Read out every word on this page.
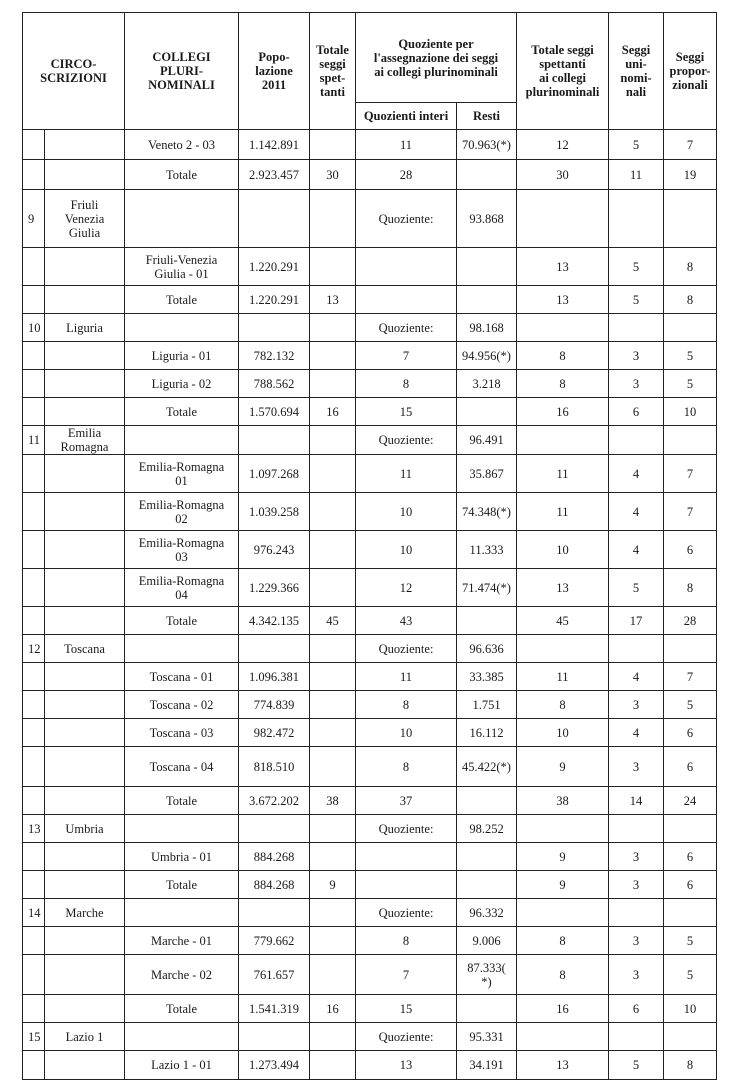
CIRCO-
SCRIZIONI		COLLEGI
PLURI-
NOMINALI	Popo-
lazione
2011	Totale
seggi
spet-
tanti	Quoziente per
l'assegnazione dei seggi
ai collegi plurinominali		Totale seggi
spettanti
ai collegi
plurinominali	Seggi
uni-
nomi-
nali	Seggi
propor-
zionali
					Quozienti interi	Resti			
		Veneto 2 - 03	1.142.891		11	70.963(*)	12	5	7
		Totale	2.923.457	30	28		30	11	19
9	Friuli
Venezia
Giulia				Quoziente:	93.868			
		Friuli-Venezia
Giulia - 01	1.220.291				13	5	8
		Totale	1.220.291	13			13	5	8
10	Liguria				Quoziente:	98.168			
		Liguria - 01	782.132		7	94.956(*)	8	3	5
		Liguria - 02	788.562		8	3.218	8	3	5
		Totale	1.570.694	16	15		16	6	10
11	Emilia
Romagna				Quoziente:	96.491			
		Emilia-Romagna
01	1.097.268		11	35.867	11	4	7
		Emilia-Romagna
02	1.039.258		10	74.348(*)	11	4	7
		Emilia-Romagna
03	976.243		10	11.333	10	4	6
		Emilia-Romagna
04	1.229.366		12	71.474(*)	13	5	8
		Totale	4.342.135	45	43		45	17	28
12	Toscana				Quoziente:	96.636			
		Toscana - 01	1.096.381		11	33.385	11	4	7
		Toscana - 02	774.839		8	1.751	8	3	5
		Toscana - 03	982.472		10	16.112	10	4	6
		Toscana - 04	818.510		8	45.422(*)	9	3	6
		Totale	3.672.202	38	37		38	14	24
13	Umbria				Quoziente:	98.252			
		Umbria - 01	884.268				9	3	6
		Totale	884.268	9			9	3	6
14	Marche				Quoziente:	96.332			
		Marche - 01	779.662		8	9.006	8	3	5
		Marche - 02	761.657		7	87.333(
*)	8	3	5
		Totale	1.541.319	16	15		16	6	10
15	Lazio 1				Quoziente:	95.331			
		Lazio 1 - 01	1.273.494		13	34.191	13	5	8
